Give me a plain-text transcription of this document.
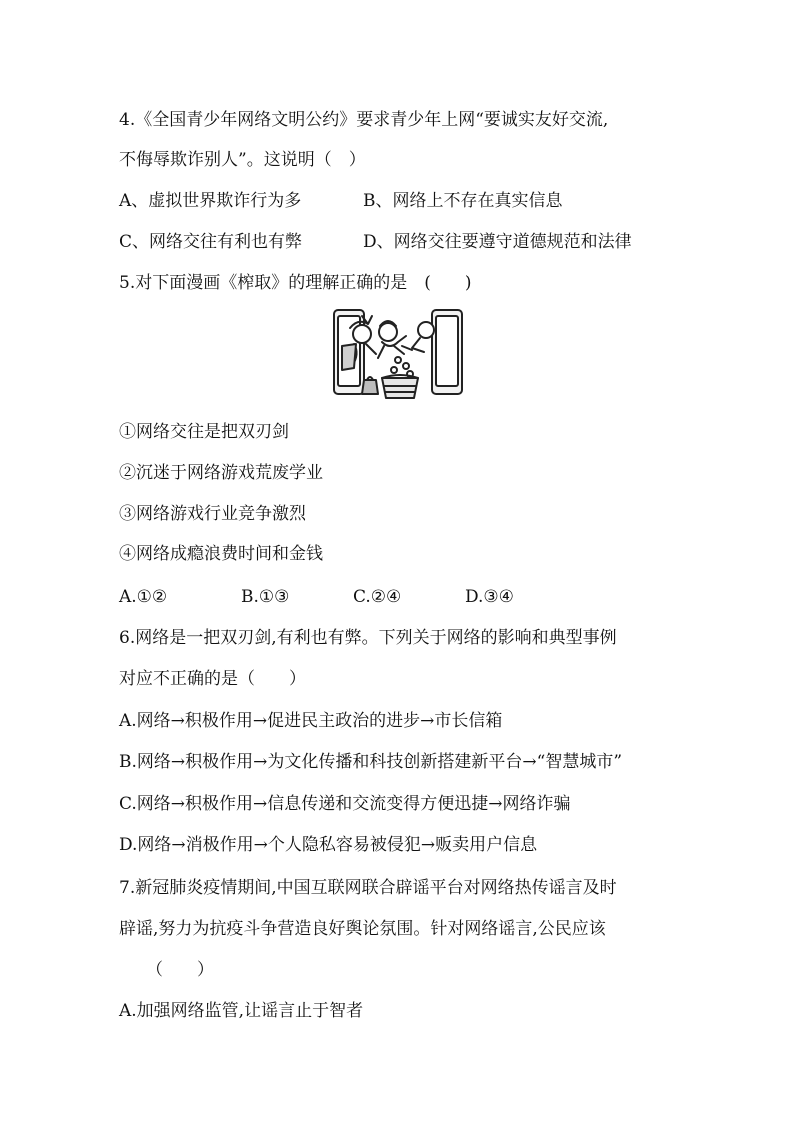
4.《全国青少年网络文明公约》要求青少年上网“要诚实友好交流,
不侮辱欺诈别人”。这说明（　）
A、虚拟世界欺诈行为多	B、网络上不存在真实信息
C、网络交往有利也有弊	D、网络交往要遵守道德规范和法律
5.对下面漫画《榨取》的理解正确的是　(　　)
①网络交往是把双刃剑
②沉迷于网络游戏荒废学业
③网络游戏行业竞争激烈
④网络成瘾浪费时间和金钱
A.①②	B.①③	C.②④	D.③④
6.网络是一把双刃剑,有利也有弊。下列关于网络的影响和典型事例
对应不正确的是（　　）
A.网络→积极作用→促进民主政治的进步→市长信箱
B.网络→积极作用→为文化传播和科技创新搭建新平台→“智慧城市”
C.网络→积极作用→信息传递和交流变得方便迅捷→网络诈骗
D.网络→消极作用→个人隐私容易被侵犯→贩卖用户信息
7.新冠肺炎疫情期间,中国互联网联合辟谣平台对网络热传谣言及时
辟谣,努力为抗疫斗争营造良好舆论氛围。针对网络谣言,公民应该
（　　）
A.加强网络监管,让谣言止于智者
